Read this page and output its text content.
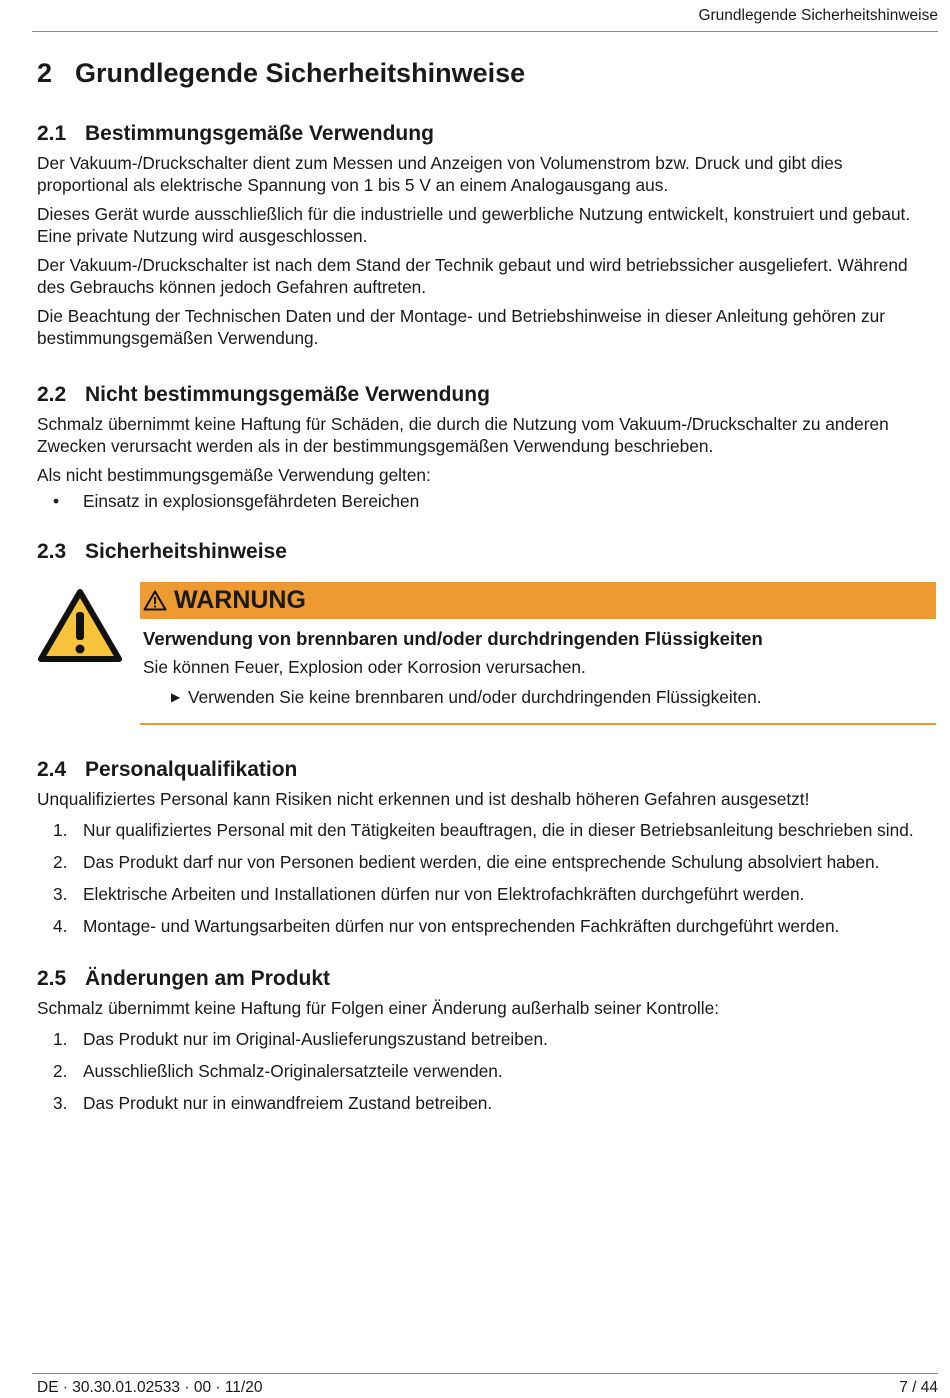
Grundlegende Sicherheitshinweise
2 Grundlegende Sicherheitshinweise
2.1 Bestimmungsgemäße Verwendung

Der Vakuum-/Druckschalter dient zum Messen und Anzeigen von Volumenstrom bzw. Druck und gibt dies proportional als elektrische Spannung von 1 bis 5 V an einem Analogausgang aus.

Dieses Gerät wurde ausschließlich für die industrielle und gewerbliche Nutzung entwickelt, konstruiert und gebaut. Eine private Nutzung wird ausgeschlossen.

Der Vakuum-/Druckschalter ist nach dem Stand der Technik gebaut und wird betriebssicher ausgeliefert. Während des Gebrauchs können jedoch Gefahren auftreten.

Die Beachtung der Technischen Daten und der Montage- und Betriebshinweise in dieser Anleitung gehören zur bestimmungsgemäßen Verwendung.

2.2 Nicht bestimmungsgemäße Verwendung

Schmalz übernimmt keine Haftung für Schäden, die durch die Nutzung vom Vakuum-/Druckschalter zu anderen Zwecken verursacht werden als in der bestimmungsgemäßen Verwendung beschrieben.

Als nicht bestimmungsgemäße Verwendung gelten:

• Einsatz in explosionsgefährdeten Bereichen
2.3 Sicherheitshinweise
WARNUNG
Verwendung von brennbaren und/oder durchdringenden Flüssigkeiten
Sie können Feuer, Explosion oder Korrosion verursachen.
▶ Verwenden Sie keine brennbaren und/oder durchdringenden Flüssigkeiten.
2.4 Personalqualifikation

Unqualifiziertes Personal kann Risiken nicht erkennen und ist deshalb höheren Gefahren ausgesetzt!

1. Nur qualifiziertes Personal mit den Tätigkeiten beauftragen, die in dieser Betriebsanleitung beschrieben sind.
2. Das Produkt darf nur von Personen bedient werden, die eine entsprechende Schulung absolviert haben.
3. Elektrische Arbeiten und Installationen dürfen nur von Elektrofachkräften durchgeführt werden.
4. Montage- und Wartungsarbeiten dürfen nur von entsprechenden Fachkräften durchgeführt werden.
2.5 Änderungen am Produkt

Schmalz übernimmt keine Haftung für Folgen einer Änderung außerhalb seiner Kontrolle:

1. Das Produkt nur im Original-Auslieferungszustand betreiben.
2. Ausschließlich Schmalz-Originalersatzteile verwenden.
3. Das Produkt nur in einwandfreiem Zustand betreiben.
DE · 30.30.01.02533 · 00 · 11/20	7 / 44
